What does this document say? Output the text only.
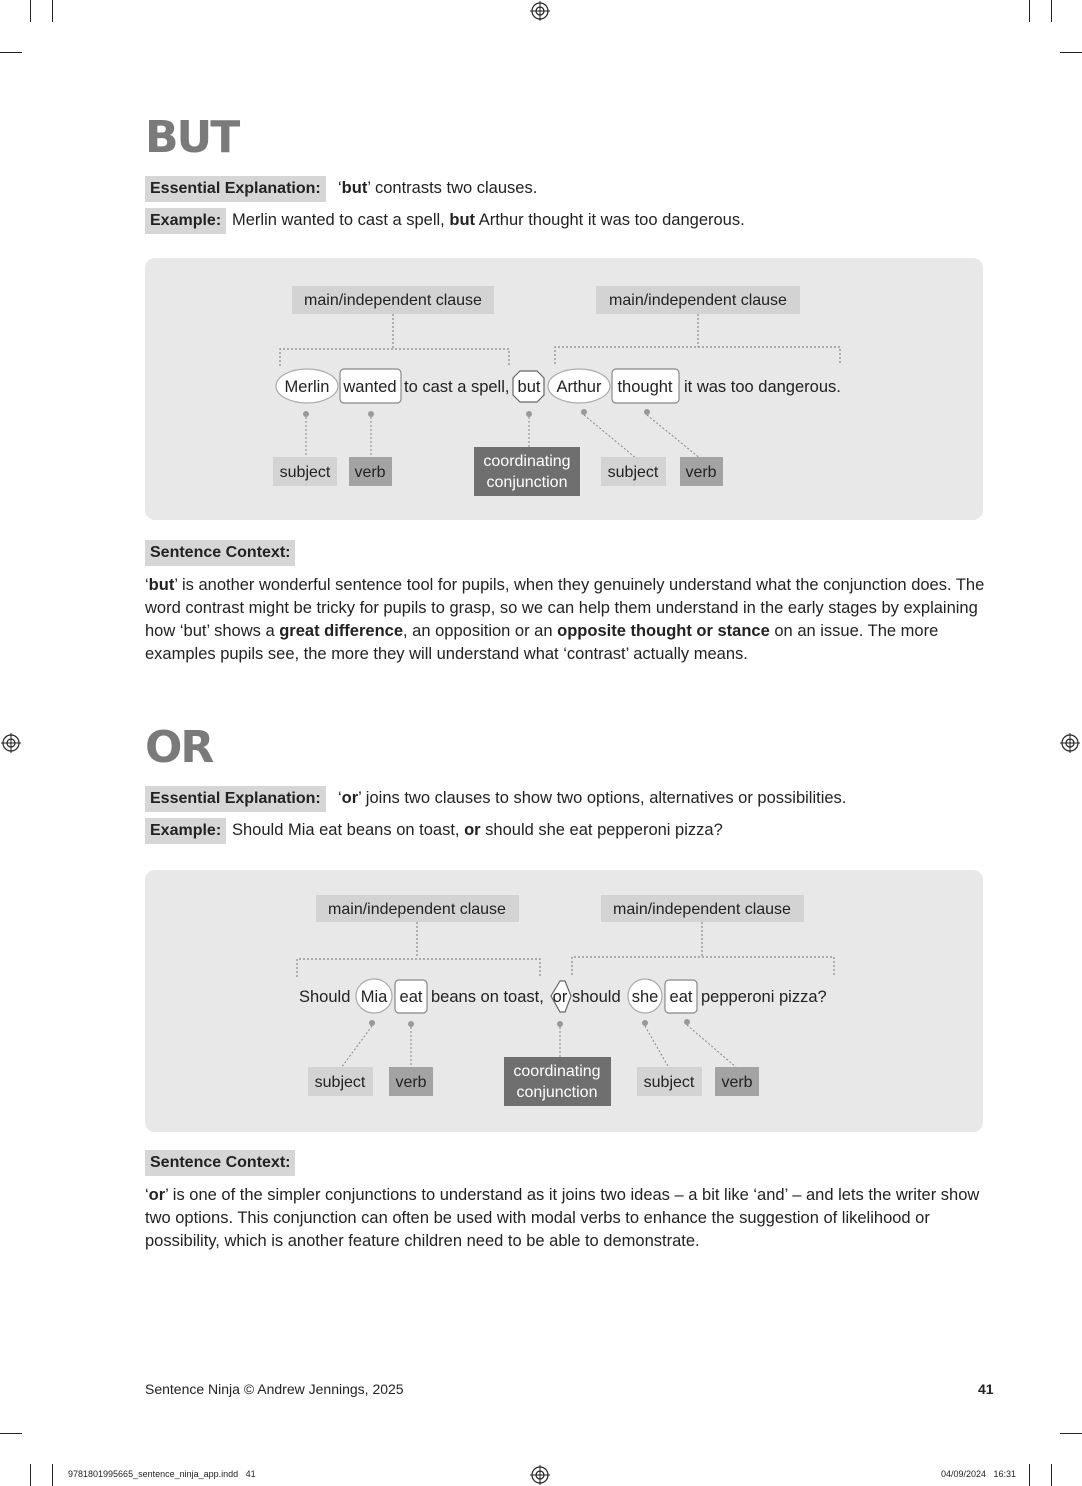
BUT
Essential Explanation:	‘but’ contrasts two clauses.
Example: Merlin wanted to cast a spell, but Arthur thought it was too dangerous.
main/independent clause	main/independent clause
Merlin wanted to cast a spell, but Arthur thought it was too dangerous.
subject verb
coordinating
conjunction
subject verb
Sentence Context:

‘but’ is another wonderful sentence tool for pupils, when they genuinely understand what the conjunction does. The word contrast might be tricky for pupils to grasp, so we can help them understand in the early stages by explaining how ‘but’ shows a great difference, an opposition or an opposite thought or stance on an issue. The more examples pupils see, the more they will understand what ‘contrast’ actually means.

OR
Essential Explanation:	‘or’ joins two clauses to show two options, alternatives or possibilities.
Example: Should Mia eat beans on toast, or should she eat pepperoni pizza?
main/independent clause	main/independent clause
Should Mia eat beans on toast, or should she eat pepperoni pizza?
subject verb
coordinating
conjunction
subject verb
Sentence Context:

‘or’ is one of the simpler conjunctions to understand as it joins two ideas – a bit like ‘and’ – and lets the writer show two options. This conjunction can often be used with modal verbs to enhance the suggestion of likelihood or possibility, which is another feature children need to be able to demonstrate.

Sentence Ninja © Andrew Jennings, 2025	41
9781801995665_sentence_ninja_app.indd   41	04/09/2024   16:31
